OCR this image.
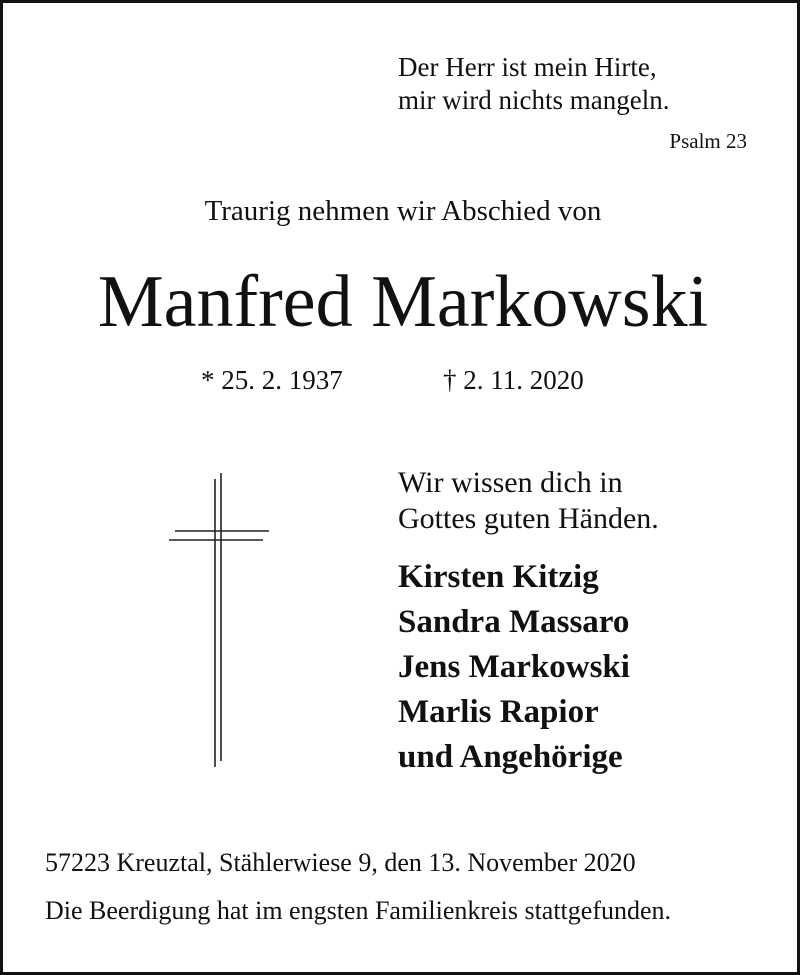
Der Herr ist mein Hirte,
mir wird nichts mangeln.
Psalm 23
Traurig nehmen wir Abschied von
Manfred Markowski
* 25. 2. 1937	† 2. 11. 2020
Wir wissen dich in
Gottes guten Händen.
Kirsten Kitzig
Sandra Massaro
Jens Markowski
Marlis Rapior
und Angehörige
57223 Kreuztal, Stählerwiese 9, den 13. November 2020
Die Beerdigung hat im engsten Familienkreis stattgefunden.
